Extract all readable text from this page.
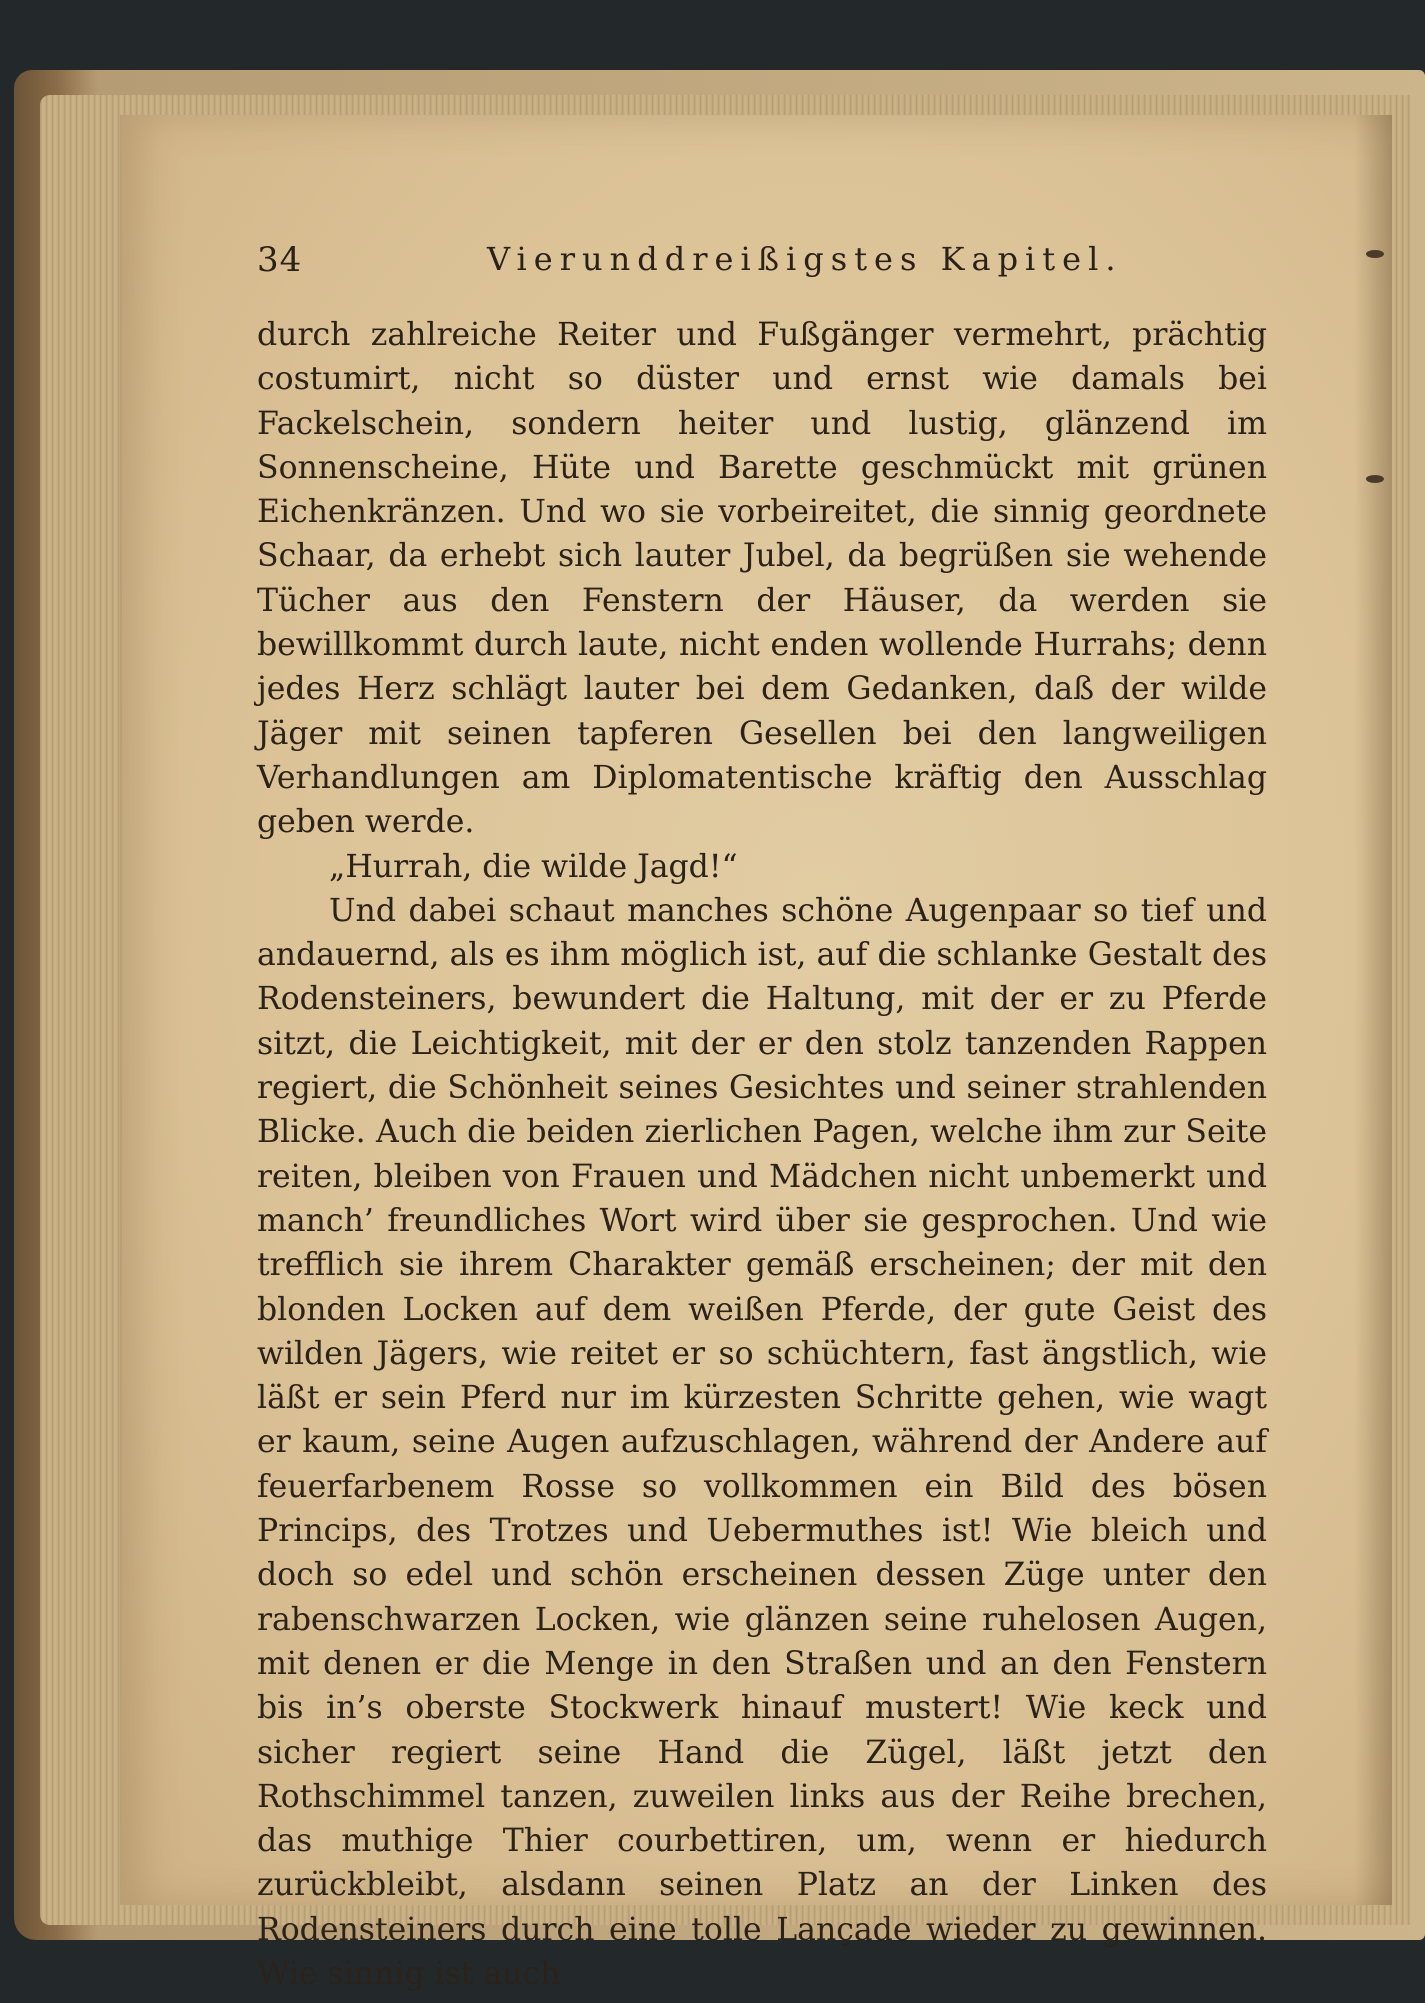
34	Vierunddreißigstes Kapitel.

durch zahlreiche Reiter und Fußgänger vermehrt, prächtig costumirt, nicht so düster und ernst wie damals bei Fackelschein, sondern heiter und lustig, glänzend im Sonnenscheine, Hüte und Barette geschmückt mit grünen Eichenkränzen. Und wo sie vorbeireitet, die sinnig geordnete Schaar, da erhebt sich lauter Jubel, da begrüßen sie wehende Tücher aus den Fenstern der Häuser, da werden sie bewillkommt durch laute, nicht enden wollende Hurrahs; denn jedes Herz schlägt lauter bei dem Gedanken, daß der wilde Jäger mit seinen tapferen Gesellen bei den langweiligen Verhandlungen am Diplomatentische kräftig den Ausschlag geben werde.

„Hurrah, die wilde Jagd!“

Und dabei schaut manches schöne Augenpaar so tief und andauernd, als es ihm möglich ist, auf die schlanke Gestalt des Rodensteiners, bewundert die Haltung, mit der er zu Pferde sitzt, die Leichtigkeit, mit der er den stolz tanzenden Rappen regiert, die Schönheit seines Gesichtes und seiner strahlenden Blicke. Auch die beiden zierlichen Pagen, welche ihm zur Seite reiten, bleiben von Frauen und Mädchen nicht unbemerkt und manch’ freundliches Wort wird über sie gesprochen. Und wie trefflich sie ihrem Charakter gemäß erscheinen; der mit den blonden Locken auf dem weißen Pferde, der gute Geist des wilden Jägers, wie reitet er so schüchtern, fast ängstlich, wie läßt er sein Pferd nur im kürzesten Schritte gehen, wie wagt er kaum, seine Augen aufzuschlagen, während der Andere auf feuerfarbenem Rosse so vollkommen ein Bild des bösen Princips, des Trotzes und Uebermuthes ist! Wie bleich und doch so edel und schön erscheinen dessen Züge unter den rabenschwarzen Locken, wie glänzen seine ruhelosen Augen, mit denen er die Menge in den Straßen und an den Fenstern bis in’s oberste Stockwerk hinauf mustert! Wie keck und sicher regiert seine Hand die Zügel, läßt jetzt den Rothschimmel tanzen, zuweilen links aus der Reihe brechen, das muthige Thier courbettiren, um, wenn er hiedurch zurückbleibt, alsdann seinen Platz an der Linken des Rodensteiners durch eine tolle Lançade wieder zu gewinnen. Wie sinnig ist auch
